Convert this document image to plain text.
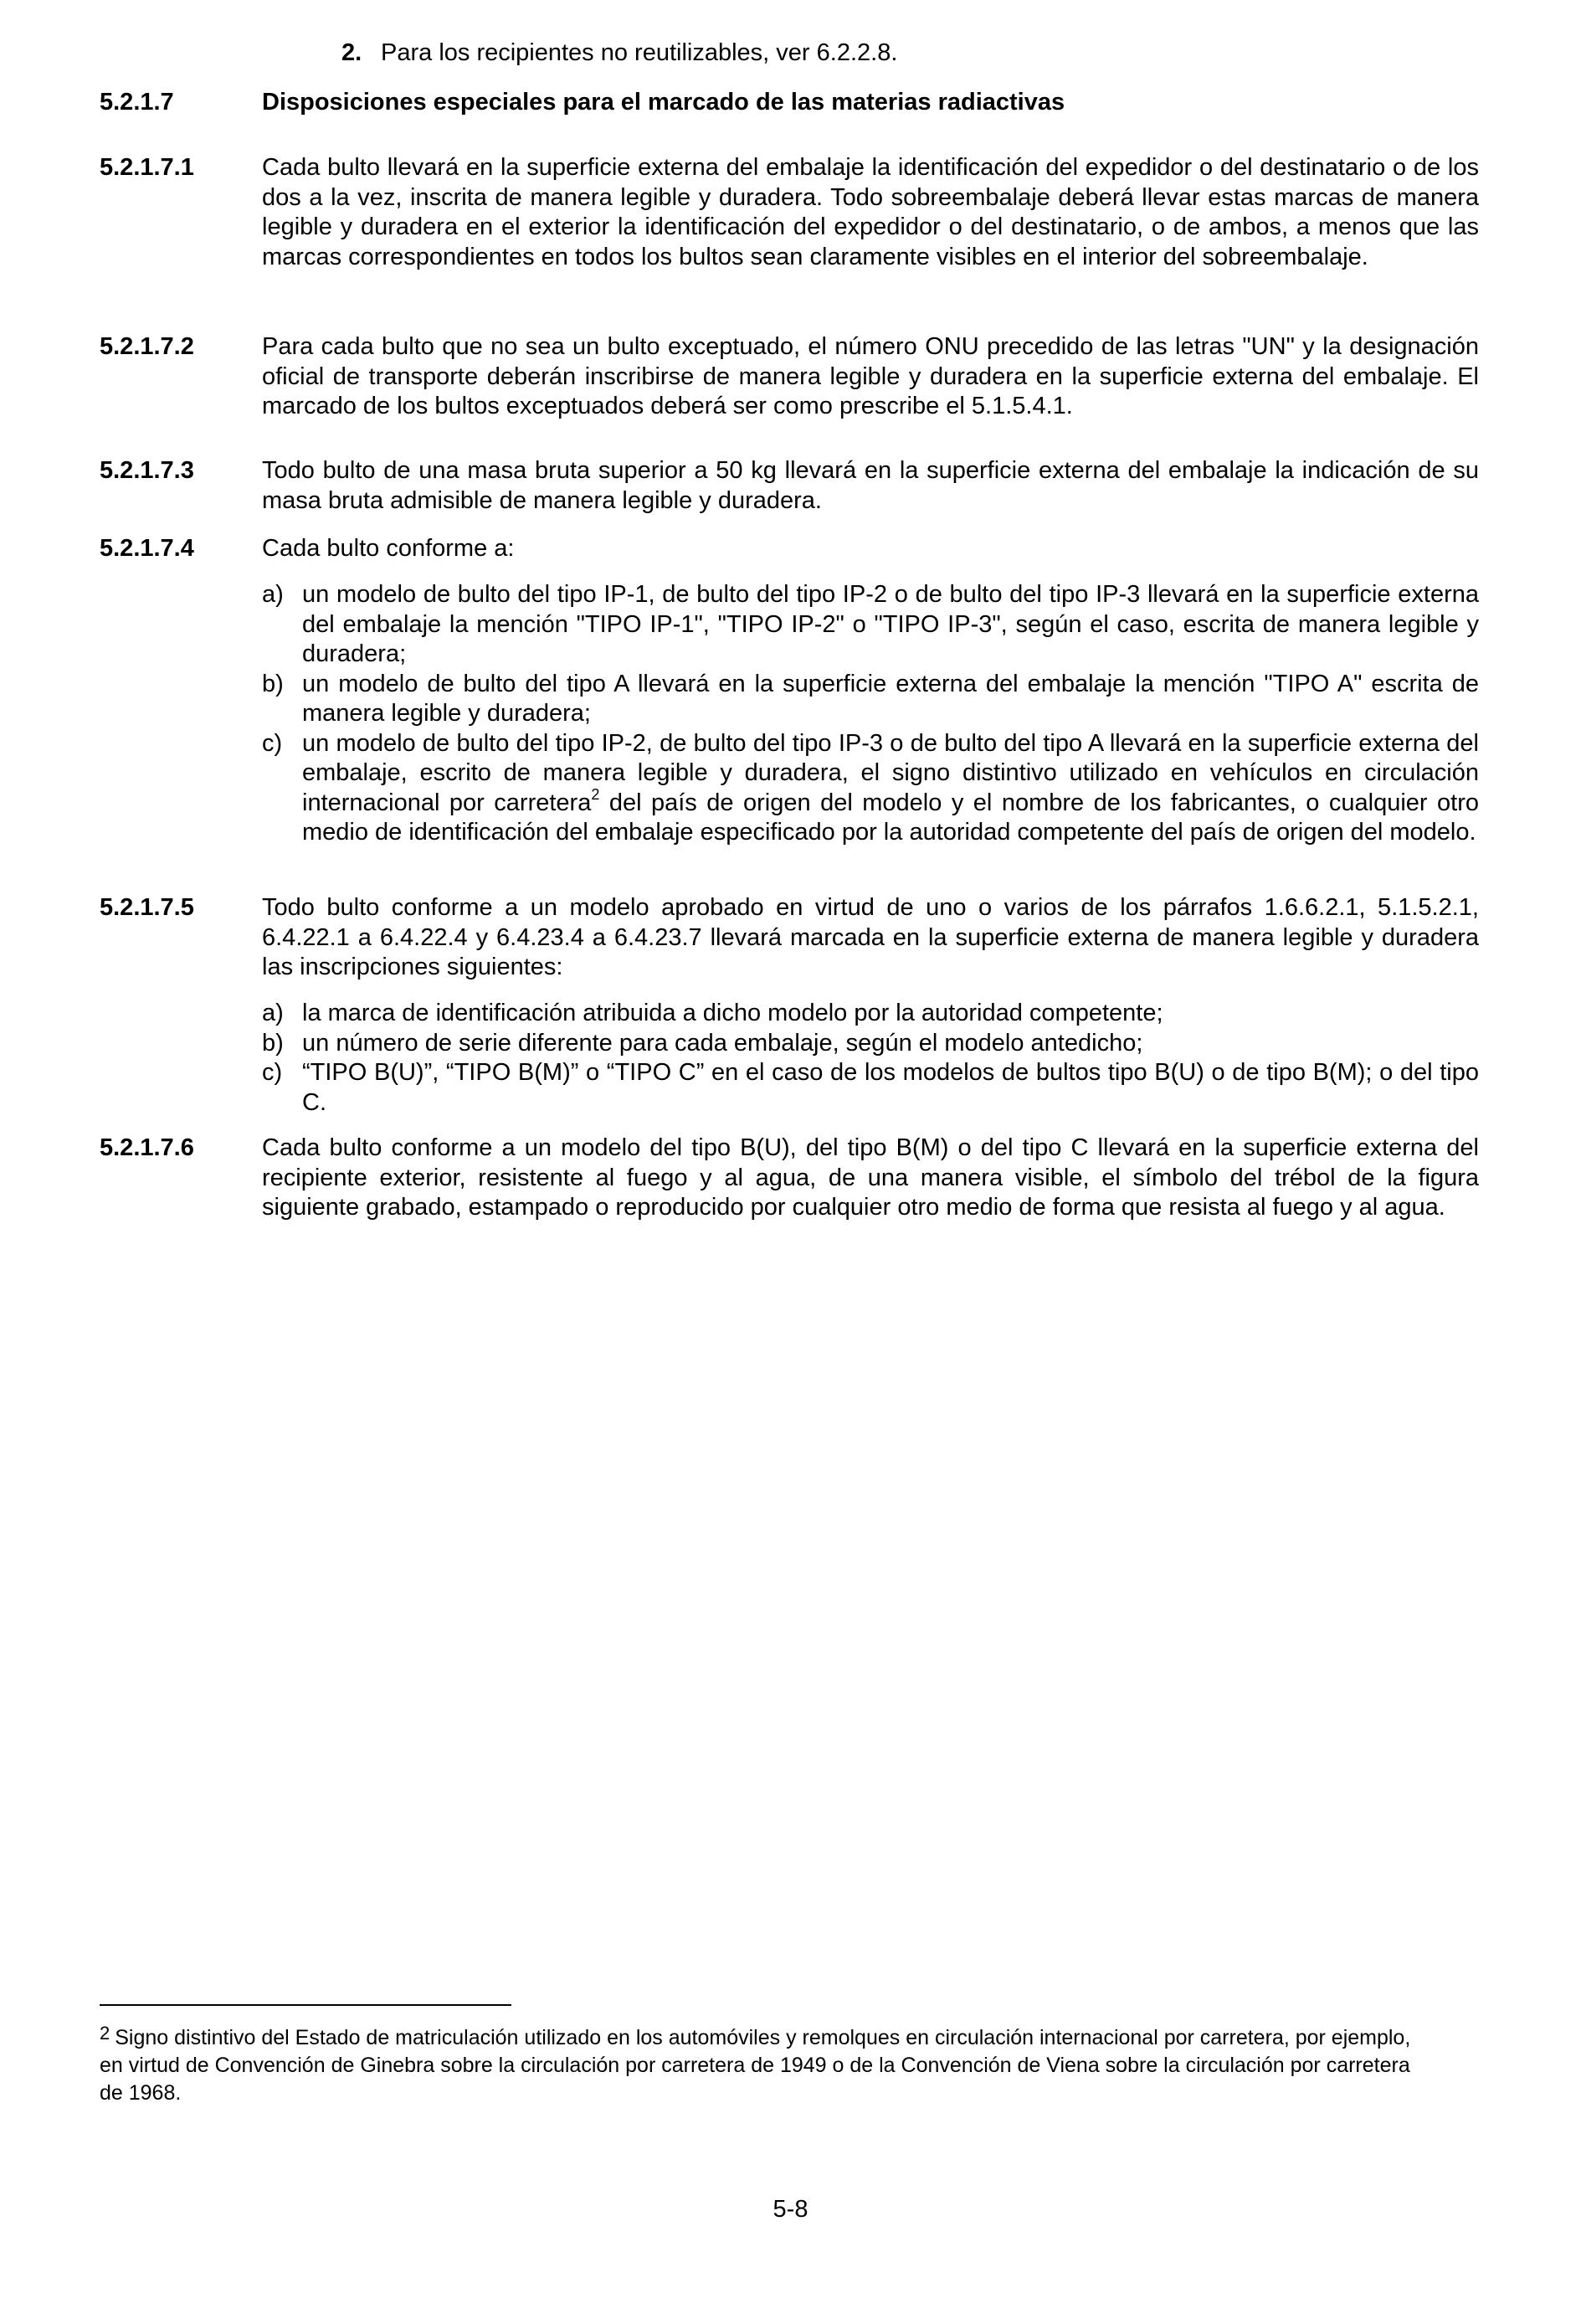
2. Para los recipientes no reutilizables, ver 6.2.2.8.
5.2.1.7	Disposiciones especiales para el marcado de las materias radiactivas
5.2.1.7.1	Cada bulto llevará en la superficie externa del embalaje la identificación del expedidor o del destinatario o de los dos a la vez, inscrita de manera legible y duradera. Todo sobreembalaje deberá llevar estas marcas de manera legible y duradera en el exterior la identificación del expedidor o del destinatario, o de ambos, a menos que las marcas correspondientes en todos los bultos sean claramente visibles en el interior del sobreembalaje.
5.2.1.7.2	Para cada bulto que no sea un bulto exceptuado, el número ONU precedido de las letras "UN" y la designación oficial de transporte deberán inscribirse de manera legible y duradera en la superficie externa del embalaje. El marcado de los bultos exceptuados deberá ser como prescribe el 5.1.5.4.1.
5.2.1.7.3	Todo bulto de una masa bruta superior a 50 kg llevará en la superficie externa del embalaje la indicación de su masa bruta admisible de manera legible y duradera.
5.2.1.7.4	Cada bulto conforme a:
a) un modelo de bulto del tipo IP-1, de bulto del tipo IP-2 o de bulto del tipo IP-3 llevará en la superficie externa del embalaje la mención "TIPO IP-1", "TIPO IP-2" o "TIPO IP-3", según el caso, escrita de manera legible y duradera;
b) un modelo de bulto del tipo A llevará en la superficie externa del embalaje la mención "TIPO A" escrita de manera legible y duradera;
c) un modelo de bulto del tipo IP-2, de bulto del tipo IP-3 o de bulto del tipo A llevará en la superficie externa del embalaje, escrito de manera legible y duradera, el signo distintivo utilizado en vehículos en circulación internacional por carretera$^2$ del país de origen del modelo y el nombre de los fabricantes, o cualquier otro medio de identificación del embalaje especificado por la autoridad competente del país de origen del modelo.
5.2.1.7.5	Todo bulto conforme a un modelo aprobado en virtud de uno o varios de los párrafos 1.6.6.2.1, 5.1.5.2.1, 6.4.22.1 a 6.4.22.4 y 6.4.23.4 a 6.4.23.7 llevará marcada en la superficie externa de manera legible y duradera las inscripciones siguientes:
a) la marca de identificación atribuida a dicho modelo por la autoridad competente;
b) un número de serie diferente para cada embalaje, según el modelo antedicho;
c) “TIPO B(U)”, “TIPO B(M)” o “TIPO C” en el caso de los modelos de bultos tipo B(U) o de tipo B(M); o del tipo C.
5.2.1.7.6	Cada bulto conforme a un modelo del tipo B(U), del tipo B(M) o del tipo C llevará en la superficie externa del recipiente exterior, resistente al fuego y al agua, de una manera visible, el símbolo del trébol de la figura siguiente grabado, estampado o reproducido por cualquier otro medio de forma que resista al fuego y al agua.
2 Signo distintivo del Estado de matriculación utilizado en los automóviles y remolques en circulación internacional por carretera, por ejemplo, en virtud de Convención de Ginebra sobre la circulación por carretera de 1949 o de la Convención de Viena sobre la circulación por carretera de 1968.
5-8
